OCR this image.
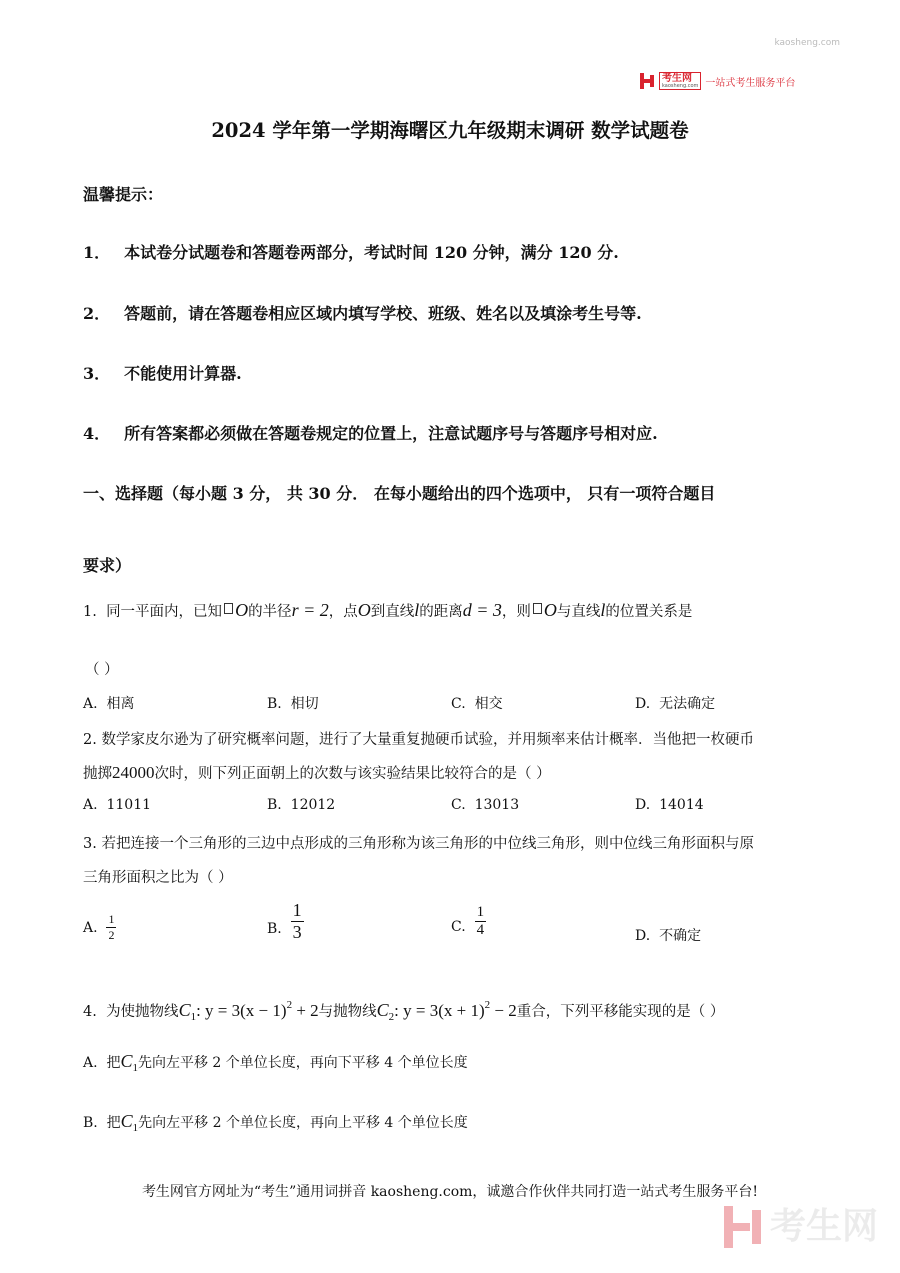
考生网
kaosheng.com 一站式考生服务平台
2024 学年第一学期海曙区九年级期末调研 数学试题卷
温馨提示：
1． 本试卷分试题卷和答题卷两部分，考试时间 120 分钟，满分 120 分.
2． 答题前，请在答题卷相应区域内填写学校、班级、姓名以及填涂考生号等.
3． 不能使用计算器.
4． 所有答案都必须做在答题卷规定的位置上，注意试题序号与答题序号相对应.
一、选择题（每小题 3 分， 共 30 分． 在每小题给出的四个选项中， 只有一项符合题目
要求）
1. 同一平面内，已知 O的半径r = 2，点O到直线l的距离d = 3，则 O与直线l的位置关系是
（ ）
A. 相离	B. 相切	C. 相交	D. 无法确定
2. 数学家皮尔逊为了研究概率问题，进行了大量重复抛硬币试验，并用频率来估计概率．当他把一枚硬币
抛掷24000次时，则下列正面朝上的次数与该实验结果比较符合的是（ ）
A. 11011	B. 12012	C. 13013	D. 14014
3. 若把连接一个三角形的三边中点形成的三角形称为该三角形的中位线三角形，则中位线三角形面积与原
三角形面积之比为（ ）
A.
$\frac{1}{2}$	B.
$\frac{1}{3}$	C.
$\frac{1}{4}$	D. 不确定
4. 为使抛物线$C_1$: $y = 3(x - 1)^2 + 2$与抛物线$C_2$: $y = 3(x + 1)^2 - 2$重合，下列平移能实现的是（ ）
A. 把$C_1$先向左平移 2 个单位长度，再向下平移 4 个单位长度
B. 把$C_1$先向左平移 2 个单位长度，再向上平移 4 个单位长度
考生网官方网址为“考生”通用词拼音 kaosheng.com，诚邀合作伙伴共同打造一站式考生服务平台!
考生网
kaosheng.com
